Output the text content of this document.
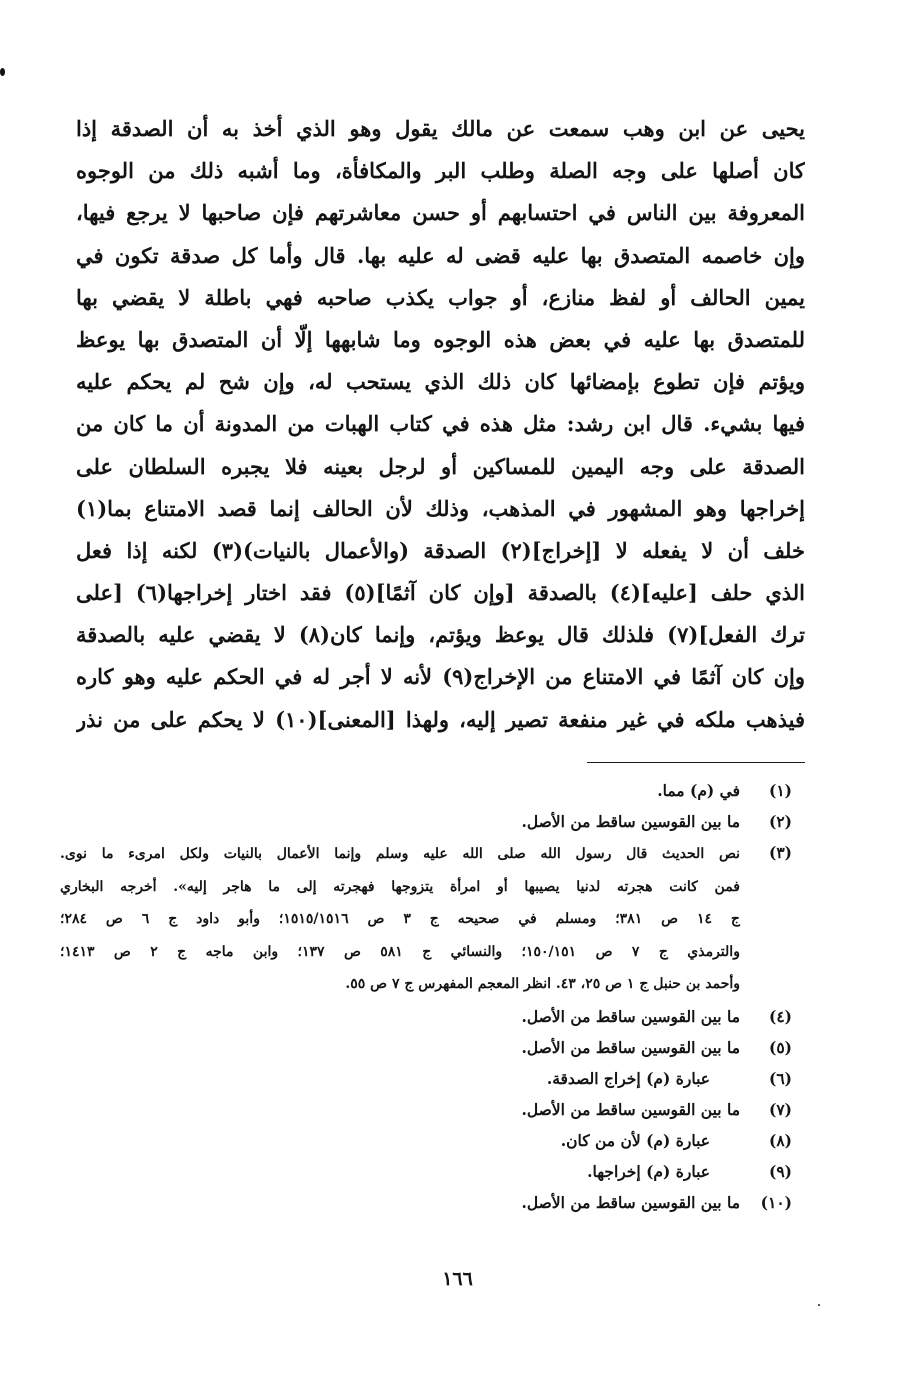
يحيى عن ابن وهب سمعت عن مالك يقول وهو الذي أخذ به أن الصدقة إذا
كان أصلها على وجه الصلة وطلب البر والمكافأة، وما أشبه ذلك من الوجوه
المعروفة بين الناس في احتسابهم أو حسن معاشرتهم فإن صاحبها لا يرجع فيها،
وإن خاصمه المتصدق بها عليه قضى له عليه بها. قال وأما كل صدقة تكون في
يمين الحالف أو لفظ منازع، أو جواب يكذب صاحبه فهي باطلة لا يقضي بها
للمتصدق بها عليه في بعض هذه الوجوه وما شابهها إلّا أن المتصدق بها يوعظ
ويؤتم فإن تطوع بإمضائها كان ذلك الذي يستحب له، وإن شح لم يحكم عليه
فيها بشيء. قال ابن رشد: مثل هذه في كتاب الهبات من المدونة أن ما كان من
الصدقة على وجه اليمين للمساكين أو لرجل بعينه فلا يجبره السلطان على
إخراجها وهو المشهور في المذهب، وذلك لأن الحالف إنما قصد الامتناع بما(١)
خلف أن لا يفعله لا [إخراج](٢) الصدقة (والأعمال بالنيات)(٣) لكنه إذا فعل
الذي حلف [عليه](٤) بالصدقة [وإن كان آثمًا](٥) فقد اختار إخراجها(٦) [على
ترك الفعل](٧) فلذلك قال يوعظ ويؤتم، وإنما كان(٨) لا يقضي عليه بالصدقة
وإن كان آثمًا في الامتناع من الإخراج(٩) لأنه لا أجر له في الحكم عليه وهو كاره
فيذهب ملكه في غير منفعة تصير إليه، ولهذا [المعنى](١٠) لا يحكم على من نذر
(١)
في (م) مما.
(٢)
ما بين القوسين ساقط من الأصل.
(٣)
نص الحديث قال رسول الله صلى الله عليه وسلم وإنما الأعمال بالنيات ولكل امرىء ما نوى.
فمن كانت هجرته لدنيا يصيبها أو امرأة يتزوجها فهجرته إلى ما هاجر إليه». أخرجه البخاري
ج ١٤ ص ٣٨١؛ ومسلم في صحيحه ج ٣ ص ١٥١٥/١٥١٦؛ وأبو داود ج ٦ ص ٢٨٤؛
والترمذي ج ٧ ص ١٥٠/١٥١؛ والنسائي ج ٥٨١ ص ١٣٧؛ وابن ماجه ج ٢ ص ١٤١٣؛
وأحمد بن حنبل ج ١ ص ٢٥، ٤٣. انظر المعجم المفهرس ج ٧ ص ٥٥.
(٤)
ما بين القوسين ساقط من الأصل.
(٥)
ما بين القوسين ساقط من الأصل.
(٦)
عبارة (م) إخراج الصدقة.
(٧)
ما بين القوسين ساقط من الأصل.
(٨)
عبارة (م) لأن من كان.
(٩)
عبارة (م) إخراجها.
(١٠)
ما بين القوسين ساقط من الأصل.
١٦٦
